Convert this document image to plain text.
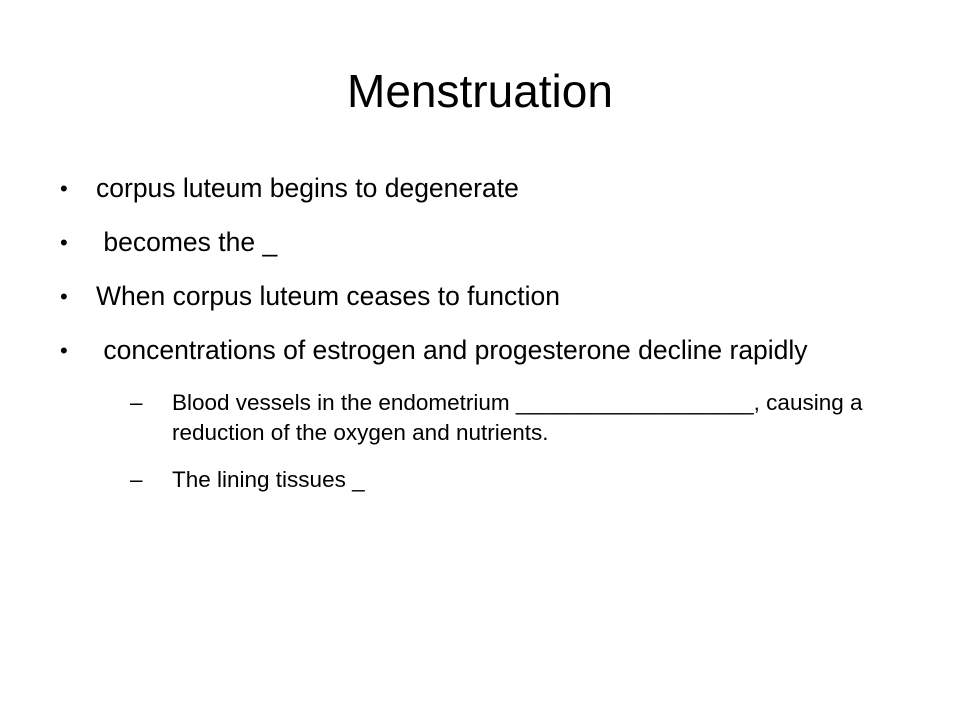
Menstruation
•	corpus luteum begins to degenerate
•	becomes the _
•	When corpus luteum ceases to function
•	concentrations of estrogen and progesterone decline rapidly
–	Blood vessels in the endometrium ___________________, causing a reduction of the oxygen and nutrients.
–	The lining tissues _
